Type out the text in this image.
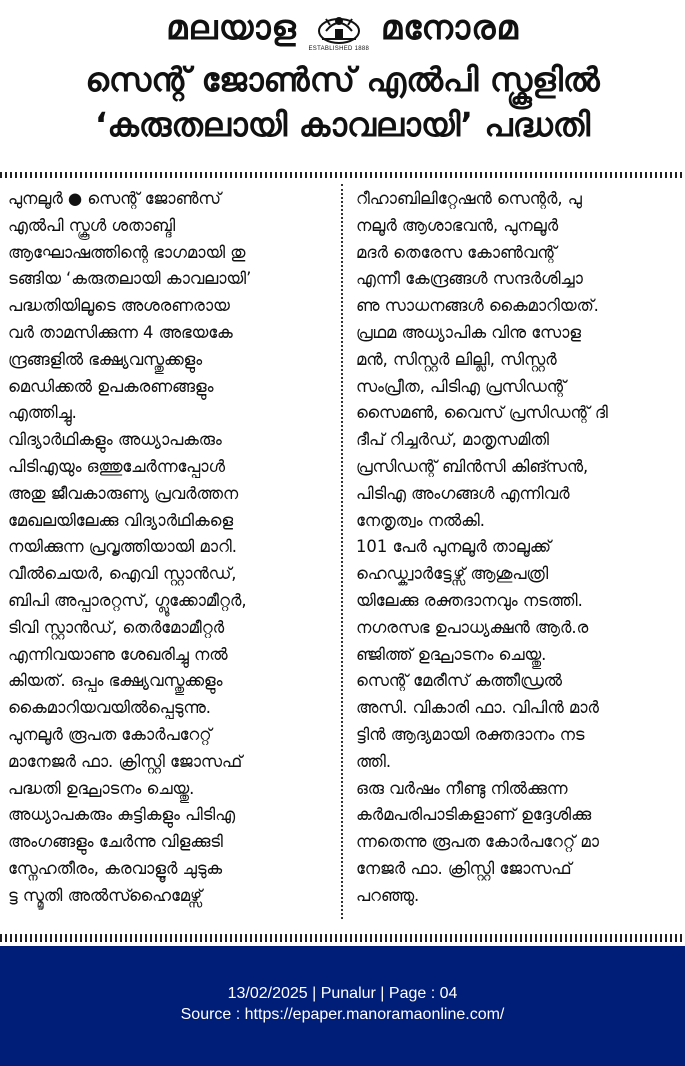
മലയാള
ESTABLISHED 1888
മനോരമ
സെന്റ് ജോൺസ് എൽപി സ്കൂളിൽ
‘കരുതലായി കാവലായി’ പദ്ധതി
പുനലൂർ ● സെന്റ് ജോൺസ്
എൽപി സ്കൂൾ ശതാബ്ദി
ആഘോഷത്തിന്റെ ഭാഗമായി തു
ടങ്ങിയ ‘കരുതലായി കാവലായി’
പദ്ധതിയിലൂടെ അശരണരായ
വർ താമസിക്കുന്ന 4 അഭയകേ
ന്ദ്രങ്ങളിൽ ഭക്ഷ്യവസ്തുക്കളും
മെഡിക്കൽ ഉപകരണങ്ങളും
എത്തിച്ചു.
വിദ്യാർഥികളും അധ്യാപകരും
പിടിഎയും ഒത്തുചേർന്നപ്പോൾ
അതു ജീവകാരുണ്യ പ്രവർത്തന
മേഖലയിലേക്കു വിദ്യാർഥികളെ
നയിക്കുന്ന പ്രവൃത്തിയായി മാറി.
വീൽചെയർ, ഐവി സ്റ്റാൻഡ്,
ബിപി അപ്പാരറ്റസ്, ഗ്ലൂക്കോമീറ്റർ,
ടിവി സ്റ്റാൻഡ്, തെർമോമീറ്റർ
എന്നിവയാണു ശേഖരിച്ചു നൽ
കിയത്. ഒപ്പം ഭക്ഷ്യവസ്തുക്കളും
കൈമാറിയവയിൽപ്പെടുന്നു.
പുനലൂർ രൂപത കോർപറേറ്റ്
മാനേജർ ഫാ. ക്രിസ്റ്റി ജോസഫ്
പദ്ധതി ഉദ്ഘാടനം ചെയ്തു.
അധ്യാപകരും കുട്ടികളും പിടിഎ
അംഗങ്ങളും ചേർന്നു വിളക്കുടി
സ്നേഹതീരം, കരവാളൂർ ചുടുക
ട്ട സ്മൃതി അൽസ്ഹൈമേഴ്സ്
റീഹാബിലിറ്റേഷൻ സെന്റർ, പു
നലൂർ ആശാഭവൻ, പുനലൂർ
മദർ തെരേസ കോൺവന്റ്
എന്നീ കേന്ദ്രങ്ങൾ സന്ദർശിച്ചാ
ണു സാധനങ്ങൾ കൈമാറിയത്.
പ്രഥമ അധ്യാപിക വിനു സോള
മൻ, സിസ്റ്റർ ലില്ലി, സിസ്റ്റർ
സംപ്രീത, പിടിഎ പ്രസിഡന്റ്
സൈമൺ, വൈസ് പ്രസിഡന്റ് ദി
ദീപ് റിച്ചർഡ്, മാതൃസമിതി
പ്രസിഡന്റ് ബിൻസി കിങ്സൻ,
പിടിഎ അംഗങ്ങൾ എന്നിവർ
നേതൃത്വം നൽകി.
101 പേർ പുനലൂർ താലൂക്ക്
ഹെഡ്ക്വാർട്ടേഴ്സ് ആശുപത്രി
യിലേക്കു രക്തദാനവും നടത്തി.
നഗരസഭ ഉപാധ്യക്ഷൻ ആർ.ര
ഞ്ജിത്ത് ഉദ്ഘാടനം ചെയ്തു.
സെന്റ് മേരീസ് കത്തീഡ്രൽ
അസി. വികാരി ഫാ. വിപിൻ മാർ
ട്ടിൻ ആദ്യമായി രക്തദാനം നട
ത്തി.
ഒരു വർഷം നീണ്ടു നിൽക്കുന്ന
കർമപരിപാടികളാണ് ഉദ്ദേശിക്കു
ന്നതെന്നു രൂപത കോർപറേറ്റ് മാ
നേജർ ഫാ. ക്രിസ്റ്റി ജോസഫ്
പറഞ്ഞു.
13/02/2025 | Punalur | Page : 04
Source : https://epaper.manoramaonline.com/
